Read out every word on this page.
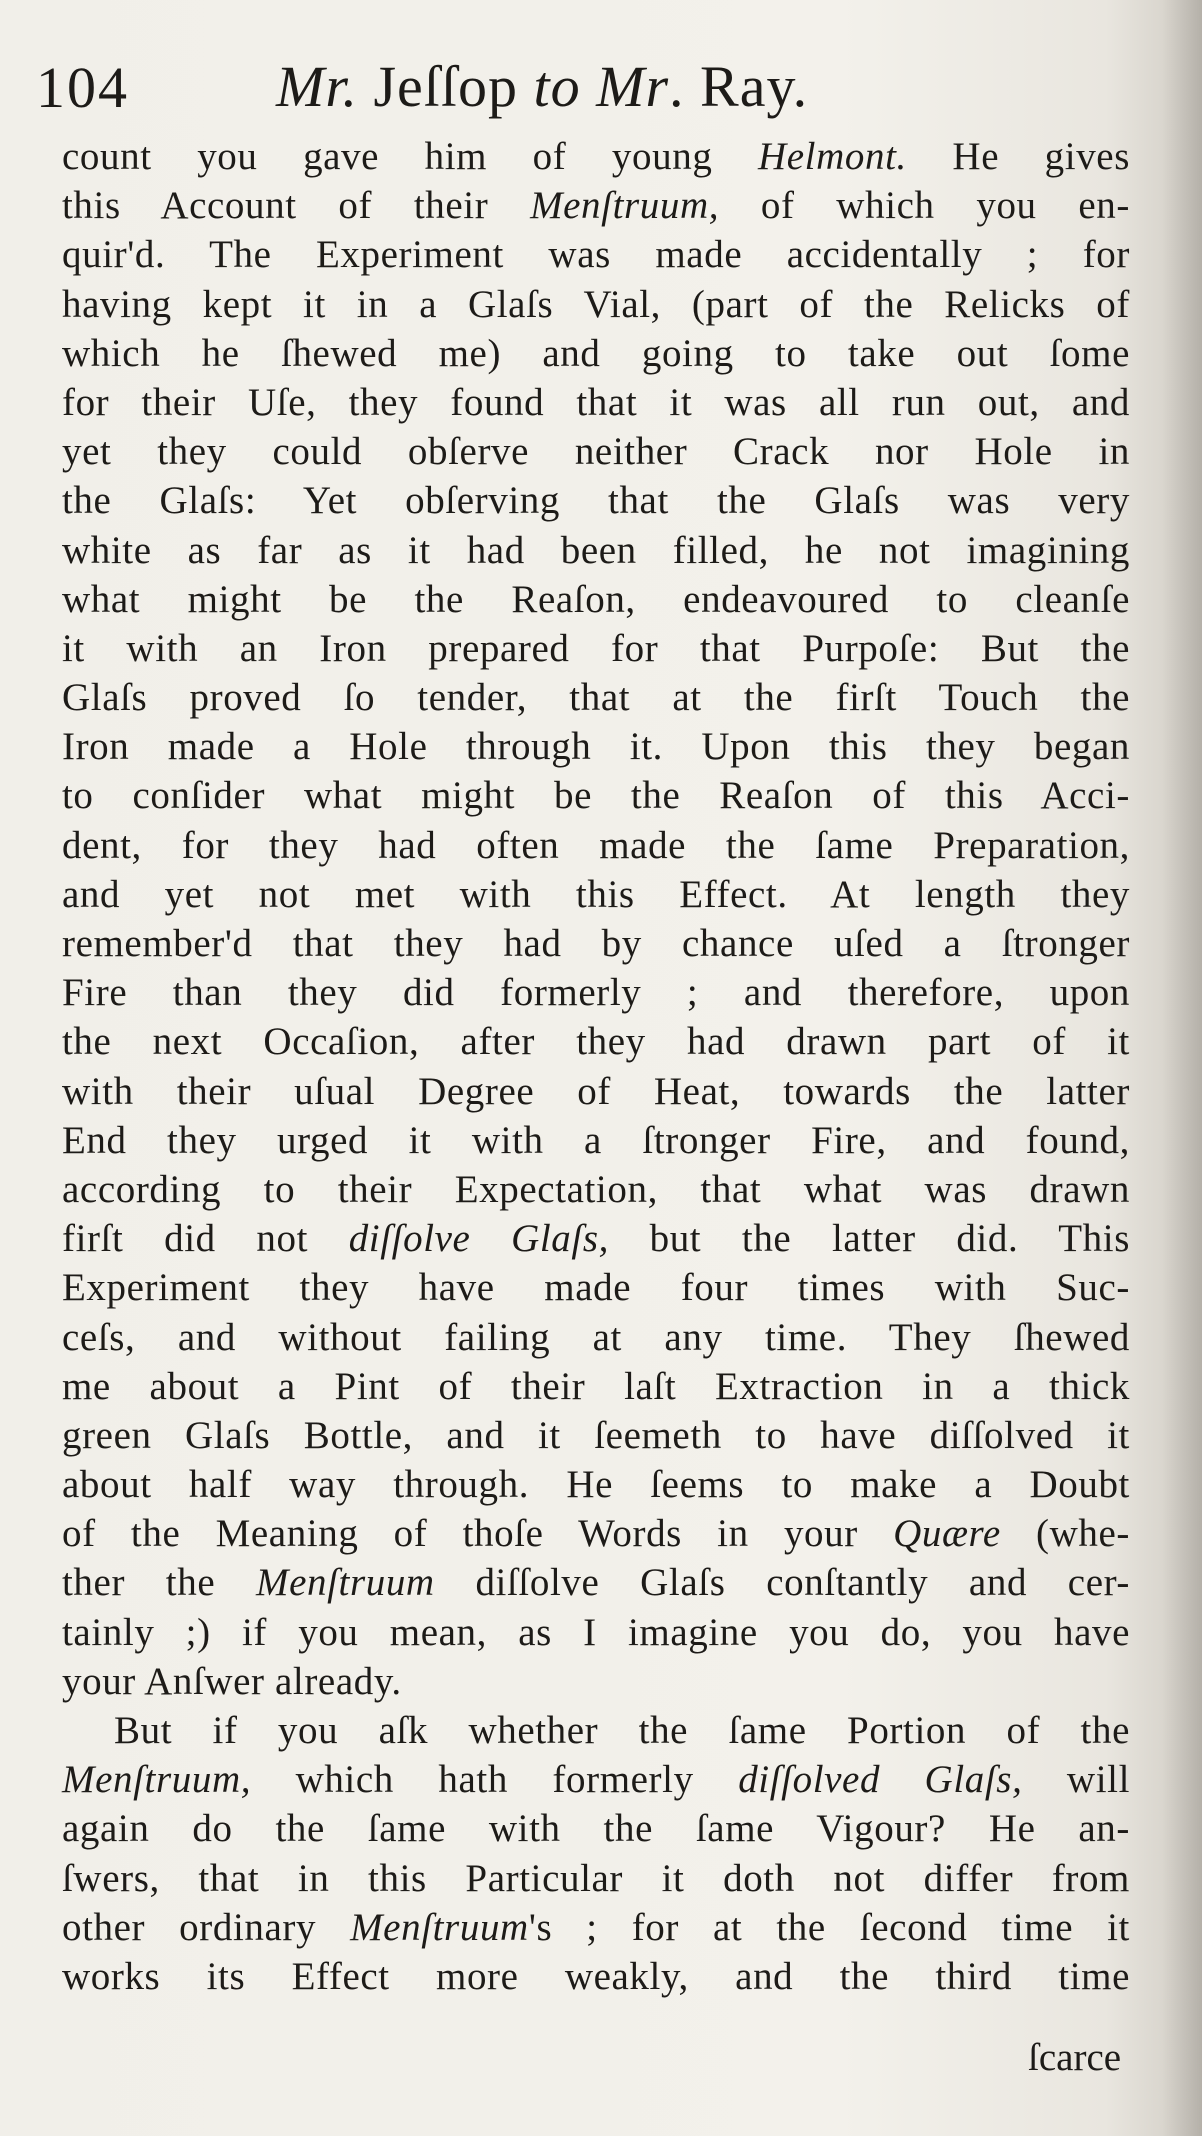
104	Mr. Jeſſop to Mr. Ray.
count you gave him of young Helmont. He gives
this Account of their Menſtruum, of which you en-
quir'd. The Experiment was made accidentally ; for
having kept it in a Glaſs Vial, (part of the Relicks of
which he ſhewed me) and going to take out ſome
for their Uſe, they found that it was all run out, and
yet they could obſerve neither Crack nor Hole in
the Glaſs: Yet obſerving that the Glaſs was very
white as far as it had been filled, he not imagining
what might be the Reaſon, endeavoured to cleanſe
it with an Iron prepared for that Purpoſe: But the
Glaſs proved ſo tender, that at the firſt Touch the
Iron made a Hole through it. Upon this they began
to conſider what might be the Reaſon of this Acci-
dent, for they had often made the ſame Preparation,
and yet not met with this Effect. At length they
remember'd that they had by chance uſed a ſtronger
Fire than they did formerly ; and therefore, upon
the next Occaſion, after they had drawn part of it
with their uſual Degree of Heat, towards the latter
End they urged it with a ſtronger Fire, and found,
according to their Expectation, that what was drawn
firſt did not diſſolve Glaſs, but the latter did. This
Experiment they have made four times with Suc-
ceſs, and without failing at any time. They ſhewed
me about a Pint of their laſt Extraction in a thick
green Glaſs Bottle, and it ſeemeth to have diſſolved it
about half way through. He ſeems to make a Doubt
of the Meaning of thoſe Words in your Quære (whe-
ther the Menſtruum diſſolve Glaſs conſtantly and cer-
tainly ;) if you mean, as I imagine you do, you have
your Anſwer already.
But if you aſk whether the ſame Portion of the
Menſtruum, which hath formerly diſſolved Glaſs, will
again do the ſame with the ſame Vigour? He an-
ſwers, that in this Particular it doth not differ from
other ordinary Menſtruum's ; for at the ſecond time it
works its Effect more weakly, and the third time
ſcarce
